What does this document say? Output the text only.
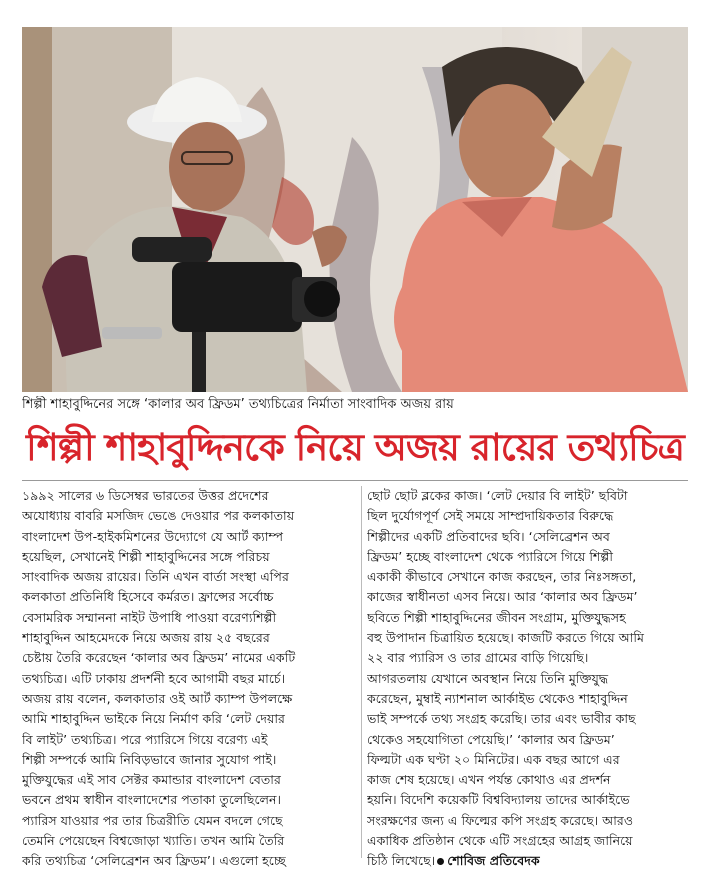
শিল্পী শাহাবুদ্দিনের সঙ্গে ‘কালার অব ফ্রিডম’ তথ্যচিত্রের নির্মাতা সাংবাদিক অজয় রায়
শিল্পী শাহাবুদ্দিনকে নিয়ে অজয় রায়ের তথ্যচিত্র

১৯৯২ সালের ৬ ডিসেম্বর ভারতের উত্তর প্রদেশের

অযোধ্যায় বাবরি মসজিদ ভেঙে দেওয়ার পর কলকাতায়

বাংলাদেশ উপ-হাইকমিশনের উদ্যোগে যে আর্ট ক্যাম্প

হয়েছিল, সেখানেই শিল্পী শাহাবুদ্দিনের সঙ্গে পরিচয়

সাংবাদিক অজয় রায়ের। তিনি এখন বার্তা সংস্থা এপির

কলকাতা প্রতিনিধি হিসেবে কর্মরত। ফ্রান্সের সর্বোচ্চ

বেসামরিক সম্মাননা নাইট উপাধি পাওয়া বরেণ্যশিল্পী

শাহাবুদ্দিন আহমেদকে নিয়ে অজয় রায় ২৫ বছরের

চেষ্টায় তৈরি করেছেন ‘কালার অব ফ্রিডম’ নামের একটি

তথ্যচিত্র। এটি ঢাকায় প্রদর্শনী হবে আগামী বছর মার্চে।

অজয় রায় বলেন, কলকাতার ওই আর্ট ক্যাম্প উপলক্ষে

আমি শাহাবুদ্দিন ভাইকে নিয়ে নির্মাণ করি ‘লেট দেয়ার

বি লাইট’ তথ্যচিত্র। পরে প্যারিসে গিয়ে বরেণ্য এই

শিল্পী সম্পর্কে আমি নিবিড়ভাবে জানার সুযোগ পাই।

মুক্তিযুদ্ধের এই সাব সেক্টর কমান্ডার বাংলাদেশ বেতার

ভবনে প্রথম স্বাধীন বাংলাদেশের পতাকা তুলেছিলেন।

প্যারিস যাওয়ার পর তার চিত্ররীতি যেমন বদলে গেছে

তেমনি পেয়েছেন বিশ্বজোড়া খ্যাতি। তখন আমি তৈরি

করি তথ্যচিত্র ‘সেলিব্রেশন অব ফ্রিডম’। এগুলো হচ্ছে

ছোট ছোট ব্লকের কাজ। ‘লেট দেয়ার বি লাইট’ ছবিটা

ছিল দুর্যোগপূর্ণ সেই সময়ে সাম্প্রদায়িকতার বিরুদ্ধে

শিল্পীদের একটি প্রতিবাদের ছবি। ‘সেলিব্রেশন অব

ফ্রিডম’ হচ্ছে বাংলাদেশ থেকে প্যারিসে গিয়ে শিল্পী

একাকী কীভাবে সেখানে কাজ করছেন, তার নিঃসঙ্গতা,

কাজের স্বাধীনতা এসব নিয়ে। আর ‘কালার অব ফ্রিডম’

ছবিতে শিল্পী শাহাবুদ্দিনের জীবন সংগ্রাম, মুক্তিযুদ্ধসহ

বহু উপাদান চিত্রায়িত হয়েছে। কাজটি করতে গিয়ে আমি

২২ বার প্যারিস ও তার গ্রামের বাড়ি গিয়েছি।

আগরতলায় যেখানে অবস্থান নিয়ে তিনি মুক্তিযুদ্ধ

করেছেন, মুম্বাই ন্যাশনাল আর্কাইভ থেকেও শাহাবুদ্দিন

ভাই সম্পর্কে তথ্য সংগ্রহ করেছি। তার এবং ভাবীর কাছ

থেকেও সহযোগিতা পেয়েছি।’ ‘কালার অব ফ্রিডম’

ফিল্মটা এক ঘণ্টা ২০ মিনিটের। এক বছর আগে এর

কাজ শেষ হয়েছে। এখন পর্যন্ত কোথাও এর প্রদর্শন

হয়নি। বিদেশি কয়েকটি বিশ্ববিদ্যালয় তাদের আর্কাইভে

সংরক্ষণের জন্য এ ফিল্মের কপি সংগ্রহ করেছে। আরও

একাধিক প্রতিষ্ঠান থেকে এটি সংগ্রহের আগ্রহ জানিয়ে

চিঠি লিখেছে। শোবিজ প্রতিবেদক
